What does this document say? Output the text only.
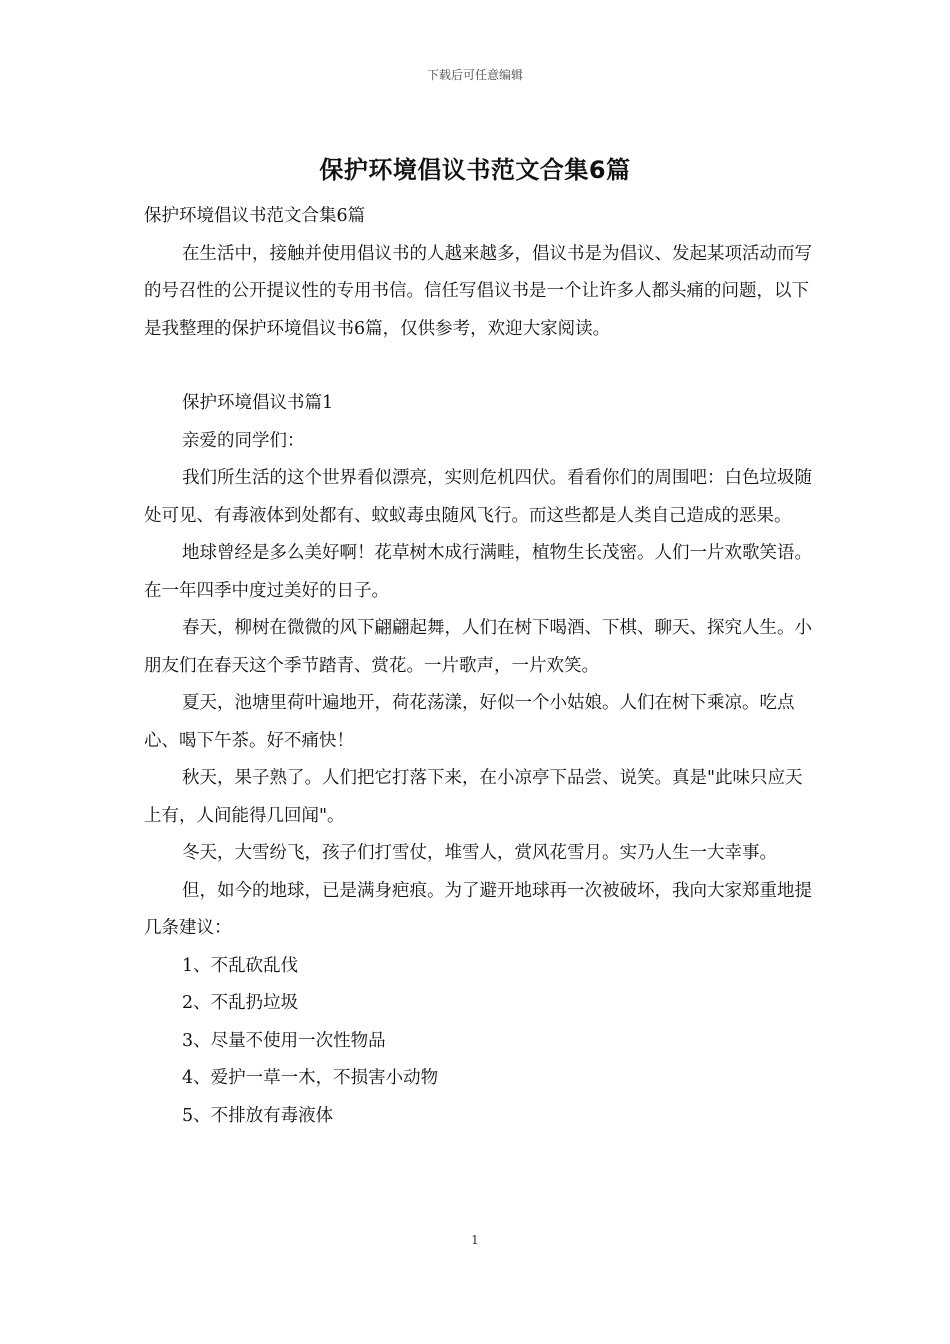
下载后可任意编辑
保护环境倡议书范文合集6篇

保护环境倡议书范文合集6篇

在生活中，接触并使用倡议书的人越来越多，倡议书是为倡议、发起某项活动而写的号召性的公开提议性的专用书信。信任写倡议书是一个让许多人都头痛的问题，以下是我整理的保护环境倡议书6篇，仅供参考，欢迎大家阅读。

保护环境倡议书篇1

亲爱的同学们：

我们所生活的这个世界看似漂亮，实则危机四伏。看看你们的周围吧：白色垃圾随处可见、有毒液体到处都有、蚊蚁毒虫随风飞行。而这些都是人类自己造成的恶果。

地球曾经是多么美好啊！花草树木成行满畦，植物生长茂密。人们一片欢歌笑语。在一年四季中度过美好的日子。

春天，柳树在微微的风下翩翩起舞，人们在树下喝酒、下棋、聊天、探究人生。小朋友们在春天这个季节踏青、赏花。一片歌声，一片欢笑。

夏天，池塘里荷叶遍地开，荷花荡漾，好似一个小姑娘。人们在树下乘凉。吃点心、喝下午茶。好不痛快！

秋天，果子熟了。人们把它打落下来，在小凉亭下品尝、说笑。真是"此味只应天上有，人间能得几回闻"。

冬天，大雪纷飞，孩子们打雪仗，堆雪人，赏风花雪月。实乃人生一大幸事。

但，如今的地球，已是满身疤痕。为了避开地球再一次被破坏，我向大家郑重地提几条建议：

1、不乱砍乱伐

2、不乱扔垃圾

3、尽量不使用一次性物品

4、爱护一草一木，不损害小动物

5、不排放有毒液体

1
